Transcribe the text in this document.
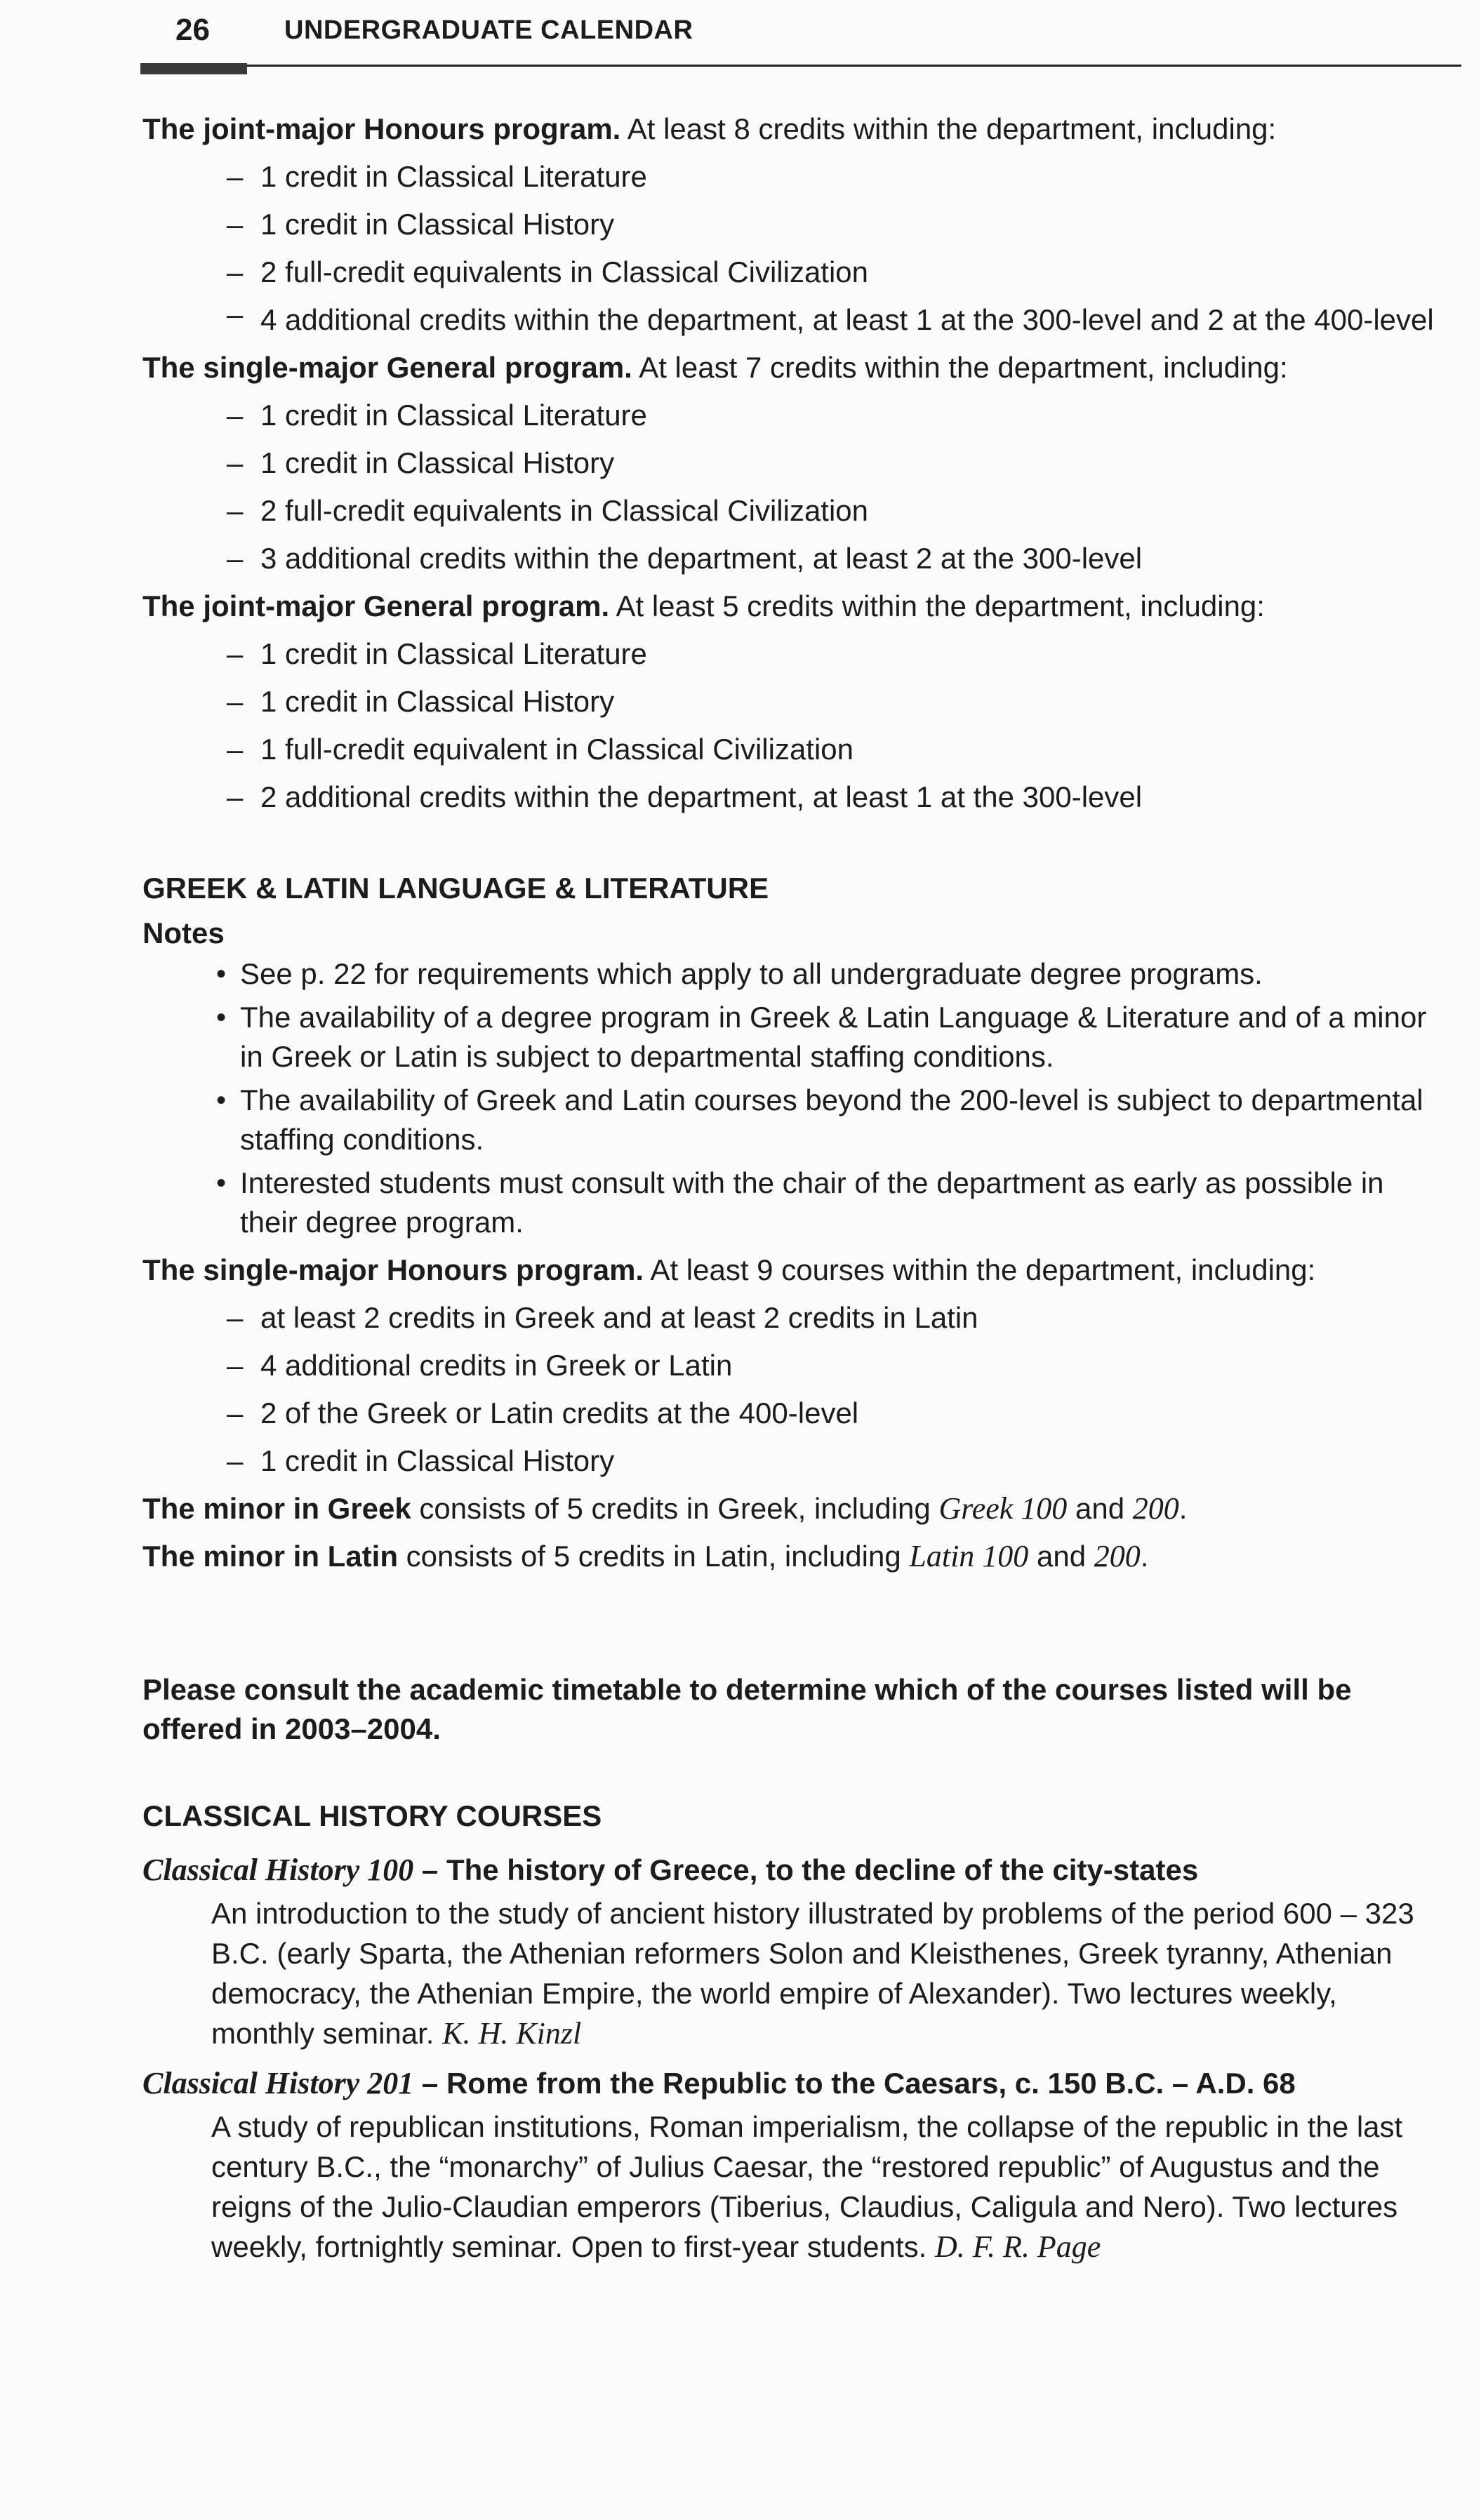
26	UNDERGRADUATE CALENDAR

The joint-major Honours program. At least 8 credits within the department, including:

– 1 credit in Classical Literature
– 1 credit in Classical History
– 2 full-credit equivalents in Classical Civilization
– 4 additional credits within the department, at least 1 at the 300-level and 2 at the 400-level

The single-major General program. At least 7 credits within the department, including:

– 1 credit in Classical Literature
– 1 credit in Classical History
– 2 full-credit equivalents in Classical Civilization
– 3 additional credits within the department, at least 2 at the 300-level

The joint-major General program. At least 5 credits within the department, including:

– 1 credit in Classical Literature
– 1 credit in Classical History
– 1 full-credit equivalent in Classical Civilization
– 2 additional credits within the department, at least 1 at the 300-level
GREEK & LATIN LANGUAGE & LITERATURE
Notes
• See p. 22 for requirements which apply to all undergraduate degree programs.
• The availability of a degree program in Greek & Latin Language & Literature and of a minor in Greek or Latin is subject to departmental staffing conditions.
• The availability of Greek and Latin courses beyond the 200-level is subject to departmental staffing conditions.
• Interested students must consult with the chair of the department as early as possible in their degree program.

The single-major Honours program. At least 9 courses within the department, including:

– at least 2 credits in Greek and at least 2 credits in Latin
– 4 additional credits in Greek or Latin
– 2 of the Greek or Latin credits at the 400-level
– 1 credit in Classical History

The minor in Greek consists of 5 credits in Greek, including Greek 100 and 200.

The minor in Latin consists of 5 credits in Latin, including Latin 100 and 200.

Please consult the academic timetable to determine which of the courses listed will be offered in 2003–2004.
CLASSICAL HISTORY COURSES
Classical History 100 – The history of Greece, to the decline of the city-states
An introduction to the study of ancient history illustrated by problems of the period 600 – 323 B.C. (early Sparta, the Athenian reformers Solon and Kleisthenes, Greek tyranny, Athenian democracy, the Athenian Empire, the world empire of Alexander). Two lectures weekly, monthly seminar. K. H. Kinzl
Classical History 201 – Rome from the Republic to the Caesars, c. 150 B.C. – A.D. 68
A study of republican institutions, Roman imperialism, the collapse of the republic in the last century B.C., the “monarchy” of Julius Caesar, the “restored republic” of Augustus and the reigns of the Julio-Claudian emperors (Tiberius, Claudius, Caligula and Nero). Two lectures weekly, fortnightly seminar. Open to first-year students. D. F. R. Page
